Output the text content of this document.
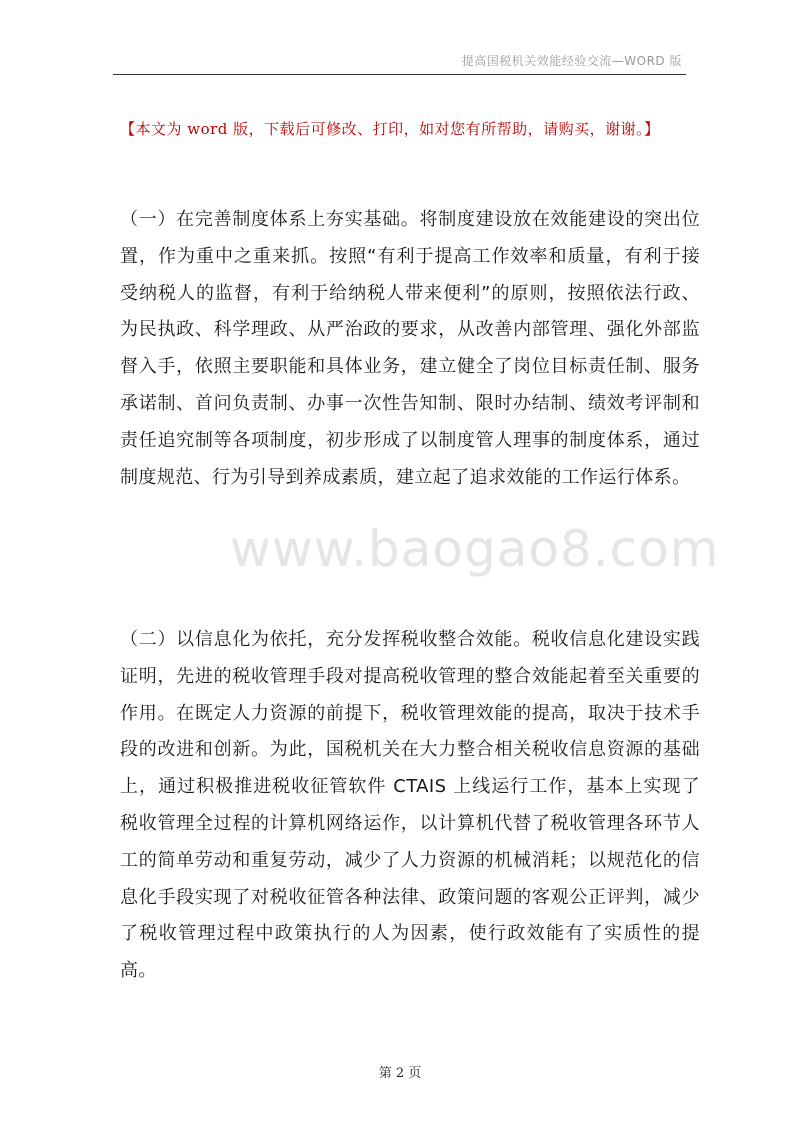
提高国税机关效能经验交流—WORD 版
【本文为 word 版，下载后可修改、打印，如对您有所帮助，请购买，谢谢。】

（一）在完善制度体系上夯实基础。将制度建设放在效能建设的突出位置，作为重中之重来抓。按照“有利于提高工作效率和质量，有利于接受纳税人的监督，有利于给纳税人带来便利”的原则，按照依法行政、为民执政、科学理政、从严治政的要求，从改善内部管理、强化外部监督入手，依照主要职能和具体业务，建立健全了岗位目标责任制、服务承诺制、首问负责制、办事一次性告知制、限时办结制、绩效考评制和责任追究制等各项制度，初步形成了以制度管人理事的制度体系，通过制度规范、行为引导到养成素质，建立起了追求效能的工作运行体系。

www.baogao8.com

（二）以信息化为依托，充分发挥税收整合效能。税收信息化建设实践证明，先进的税收管理手段对提高税收管理的整合效能起着至关重要的作用。在既定人力资源的前提下，税收管理效能的提高，取决于技术手段的改进和创新。为此，国税机关在大力整合相关税收信息资源的基础上，通过积极推进税收征管软件 CTAIS 上线运行工作，基本上实现了税收管理全过程的计算机网络运作，以计算机代替了税收管理各环节人工的简单劳动和重复劳动，减少了人力资源的机械消耗；以规范化的信息化手段实现了对税收征管各种法律、政策问题的客观公正评判，减少了税收管理过程中政策执行的人为因素，使行政效能有了实质性的提高。

第 2 页
